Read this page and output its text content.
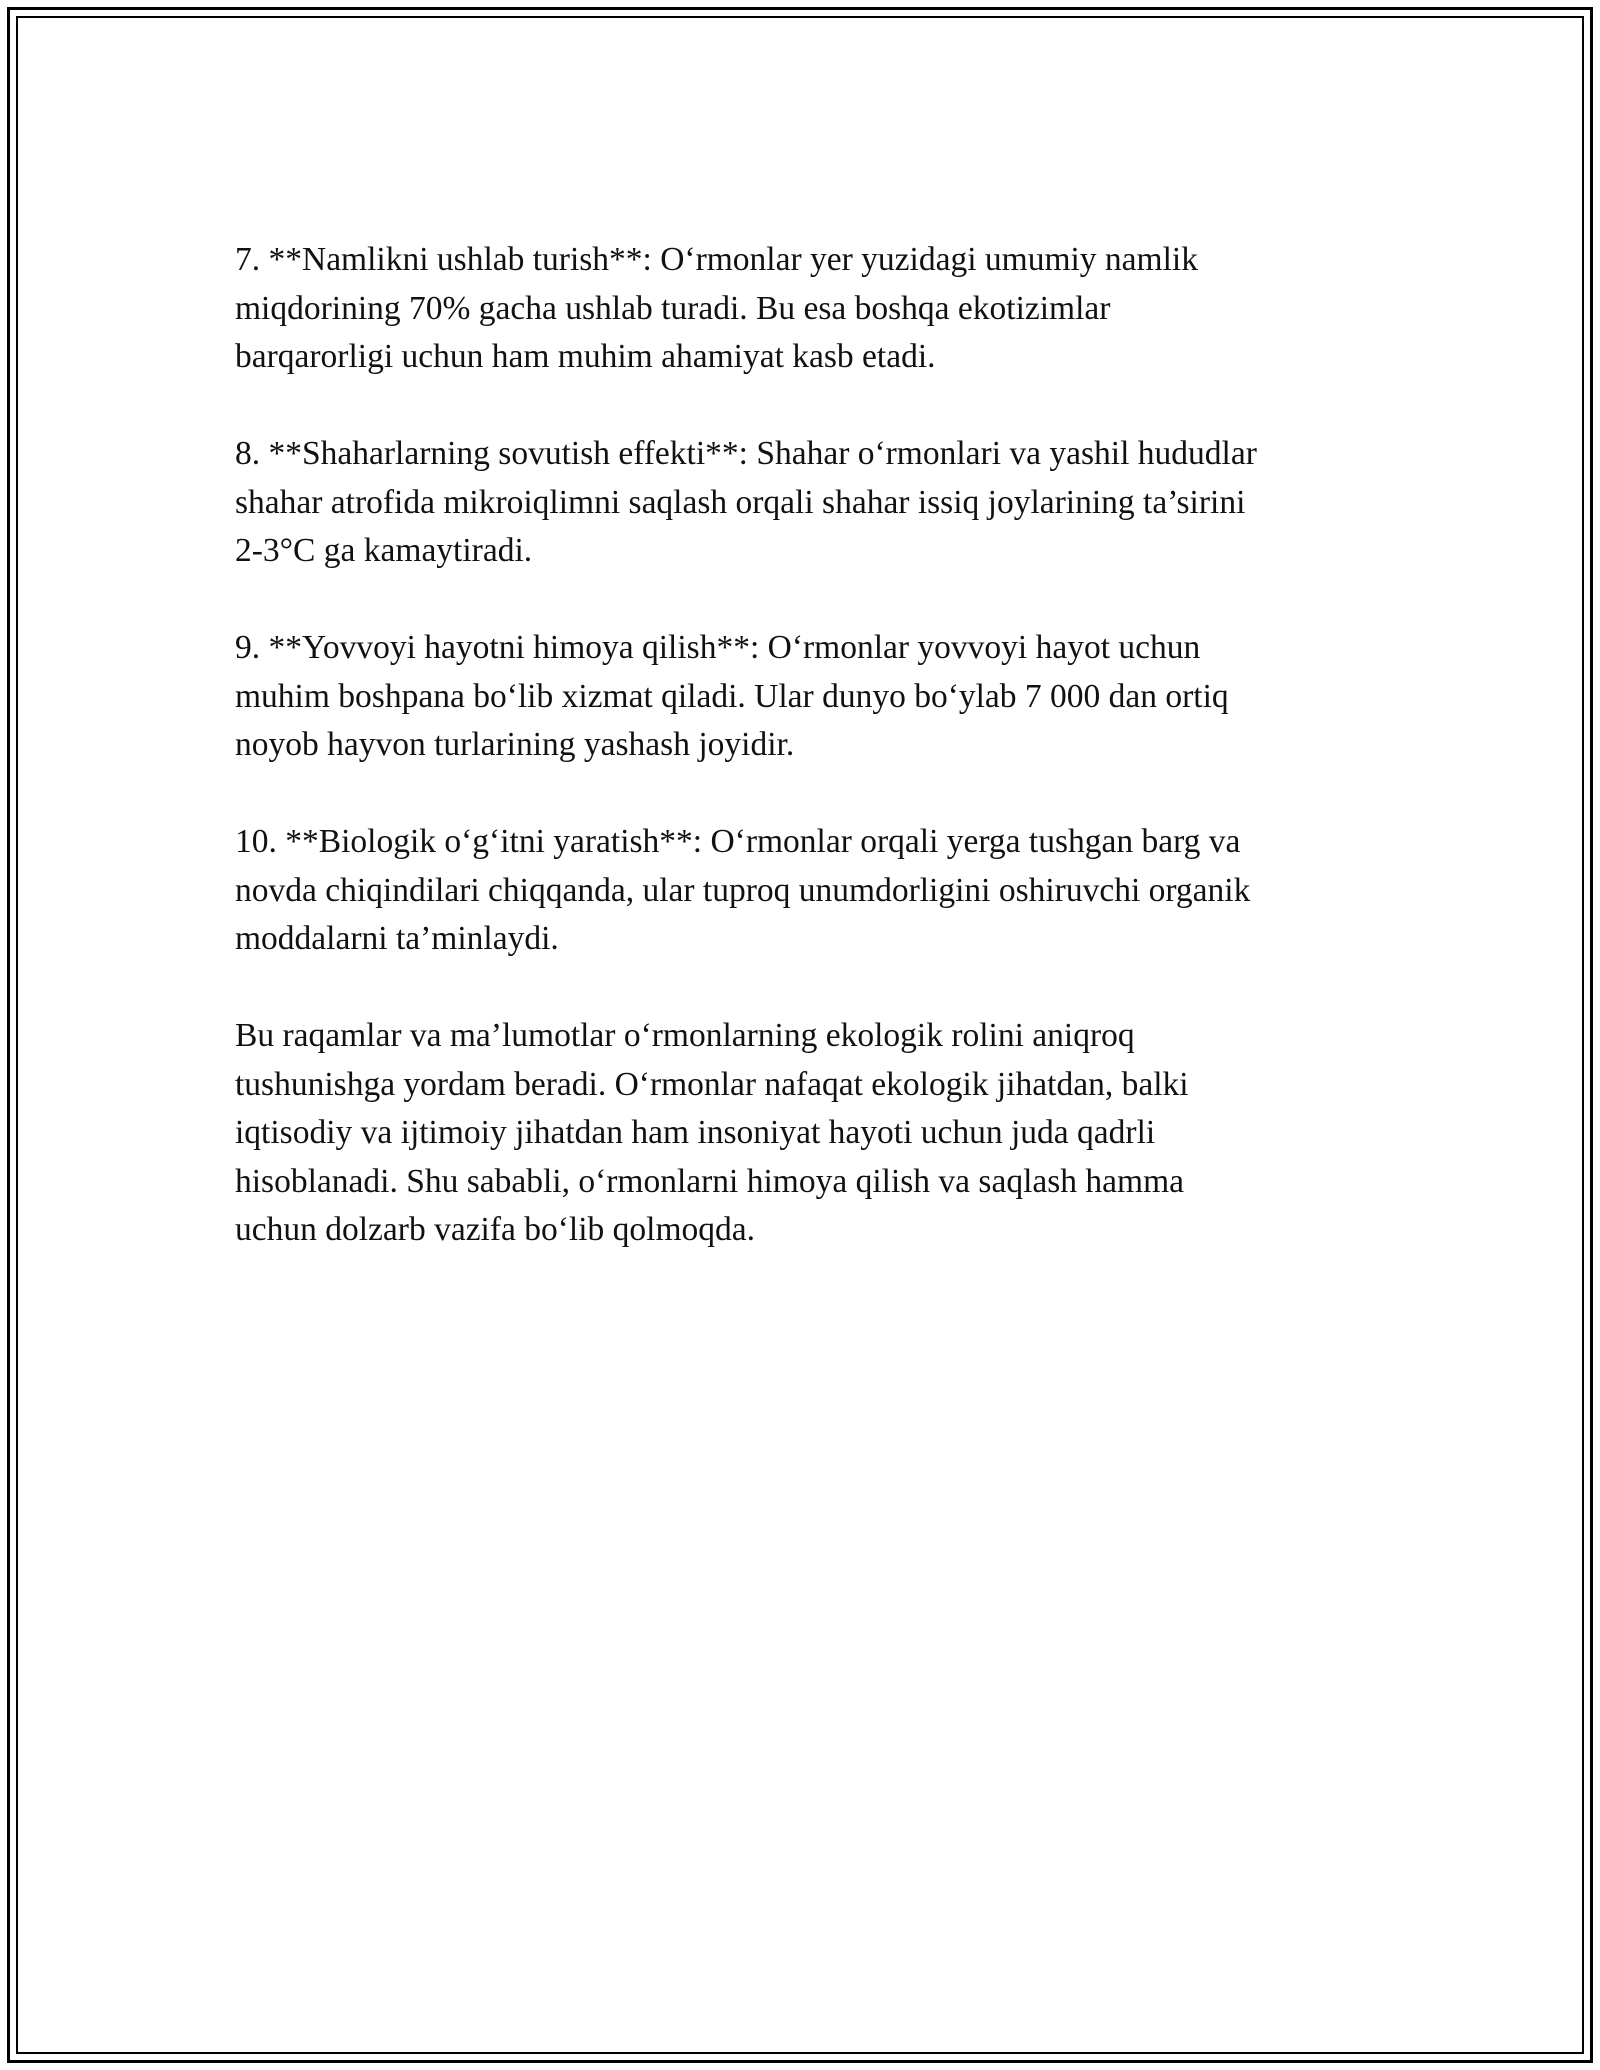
7. **Namlikni ushlab turish**: O‘rmonlar yer yuzidagi umumiy namlik
miqdorining 70% gacha ushlab turadi. Bu esa boshqa ekotizimlar
barqarorligi uchun ham muhim ahamiyat kasb etadi.

8. **Shaharlarning sovutish effekti**: Shahar o‘rmonlari va yashil hududlar
shahar atrofida mikroiqlimni saqlash orqali shahar issiq joylarining ta’sirini
2-3°C ga kamaytiradi.

9. **Yovvoyi hayotni himoya qilish**: O‘rmonlar yovvoyi hayot uchun
muhim boshpana bo‘lib xizmat qiladi. Ular dunyo bo‘ylab 7 000 dan ortiq
noyob hayvon turlarining yashash joyidir.

10. **Biologik o‘g‘itni yaratish**: O‘rmonlar orqali yerga tushgan barg va
novda chiqindilari chiqqanda, ular tuproq unumdorligini oshiruvchi organik
moddalarni ta’minlaydi.

Bu raqamlar va ma’lumotlar o‘rmonlarning ekologik rolini aniqroq
tushunishga yordam beradi. O‘rmonlar nafaqat ekologik jihatdan, balki
iqtisodiy va ijtimoiy jihatdan ham insoniyat hayoti uchun juda qadrli
hisoblanadi. Shu sababli, o‘rmonlarni himoya qilish va saqlash hamma
uchun dolzarb vazifa bo‘lib qolmoqda.
